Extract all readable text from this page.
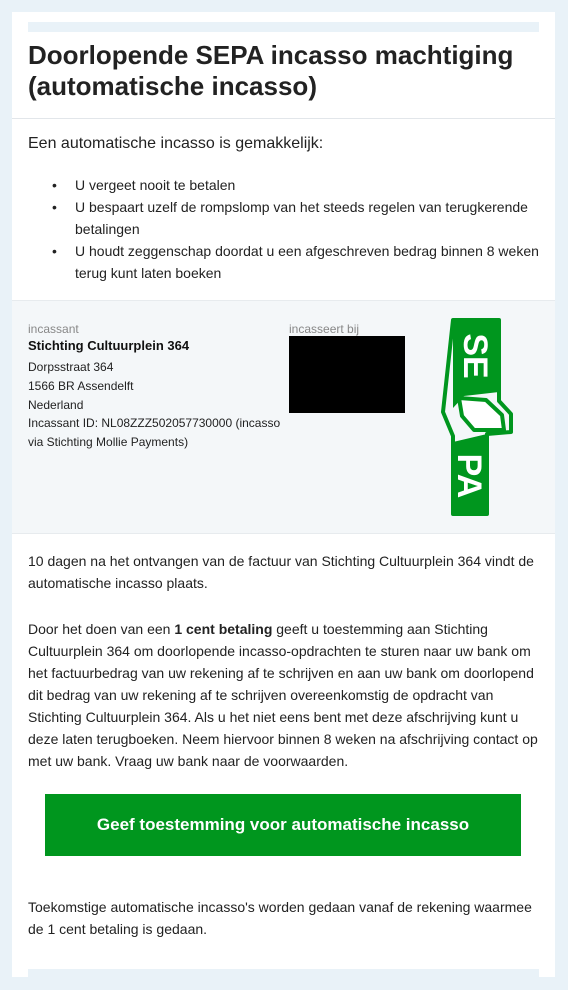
Doorlopende SEPA incasso machtiging (automatische incasso)

Een automatische incasso is gemakkelijk:

• U vergeet nooit te betalen
• U bespaart uzelf de rompslomp van het steeds regelen van terugkerende betalingen
• U houdt zeggenschap doordat u een afgeschreven bedrag binnen 8 weken terug kunt laten boeken
incassant
Stichting Cultuurplein 364
Dorpsstraat 364
1566 BR Assendelft
Nederland
Incassant ID: NL08ZZZ502057730000 (incasso via Stichting Mollie Payments)
incasseert bij
SE
PA

10 dagen na het ontvangen van de factuur van Stichting Cultuurplein 364 vindt de automatische incasso plaats.

Door het doen van een 1 cent betaling geeft u toestemming aan Stichting Cultuurplein 364 om doorlopende incasso-opdrachten te sturen naar uw bank om het factuurbedrag van uw rekening af te schrijven en aan uw bank om doorlopend dit bedrag van uw rekening af te schrijven overeenkomstig de opdracht van Stichting Cultuurplein 364. Als u het niet eens bent met deze afschrijving kunt u deze laten terugboeken. Neem hiervoor binnen 8 weken na afschrijving contact op met uw bank. Vraag uw bank naar de voorwaarden.

Geef toestemming voor automatische incasso

Toekomstige automatische incasso's worden gedaan vanaf de rekening waarmee de 1 cent betaling is gedaan.
